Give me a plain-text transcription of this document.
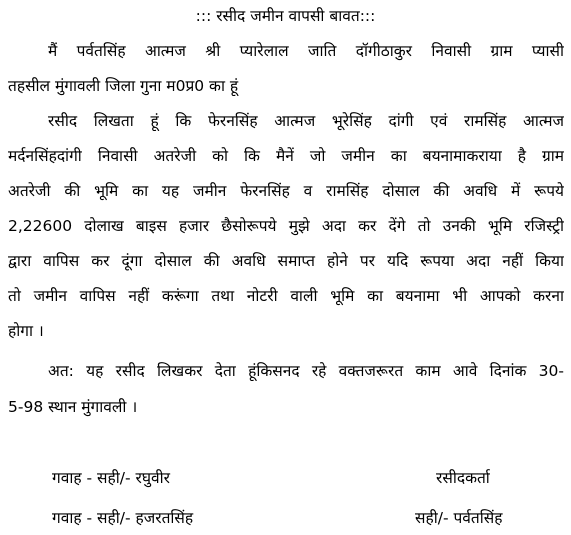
::: रसीद जमीन वापसी बावत:::
मैं पर्वतसिंह आत्मज श्री प्यारेलाल जाति दॉगीठाकुर निवासी ग्राम प्यासी
तहसील मुंगावली जिला गुना म0प्र0 का हूं
रसीद लिखता हूं कि फेरनसिंह आत्मज भूरेसिंह दांगी एवं रामसिंह आत्मज
मर्दनसिंहदांगी निवासी अतरेजी को कि मैनें जो जमीन का बयनामाकराया है ग्राम
अतरेजी की भूमि का यह जमीन फेरनसिंह व रामसिंह दोसाल की अवधि में रूपये
2,22600 दोलाख बाइस हजार छैसोरूपये मुझे अदा कर देंगे तो उनकी भूमि रजिस्ट्री
द्वारा वापिस कर दूंगा दोसाल की अवधि समाप्त होने पर यदि रूपया अदा नहीं किया
तो जमीन वापिस नहीं करूंगा तथा नोटरी वाली भूमि का बयनामा भी आपको करना
होगा ।
अत: यह रसीद लिखकर देता हूंकिसनद रहे वक्तजरूरत काम आवे दिनांक 30-
5-98 स्थान मुंगावली ।
गवाह - सही/- रघुवीर	रसीदकर्ता
गवाह - सही/- हजरतसिंह	सही/- पर्वतसिंह
